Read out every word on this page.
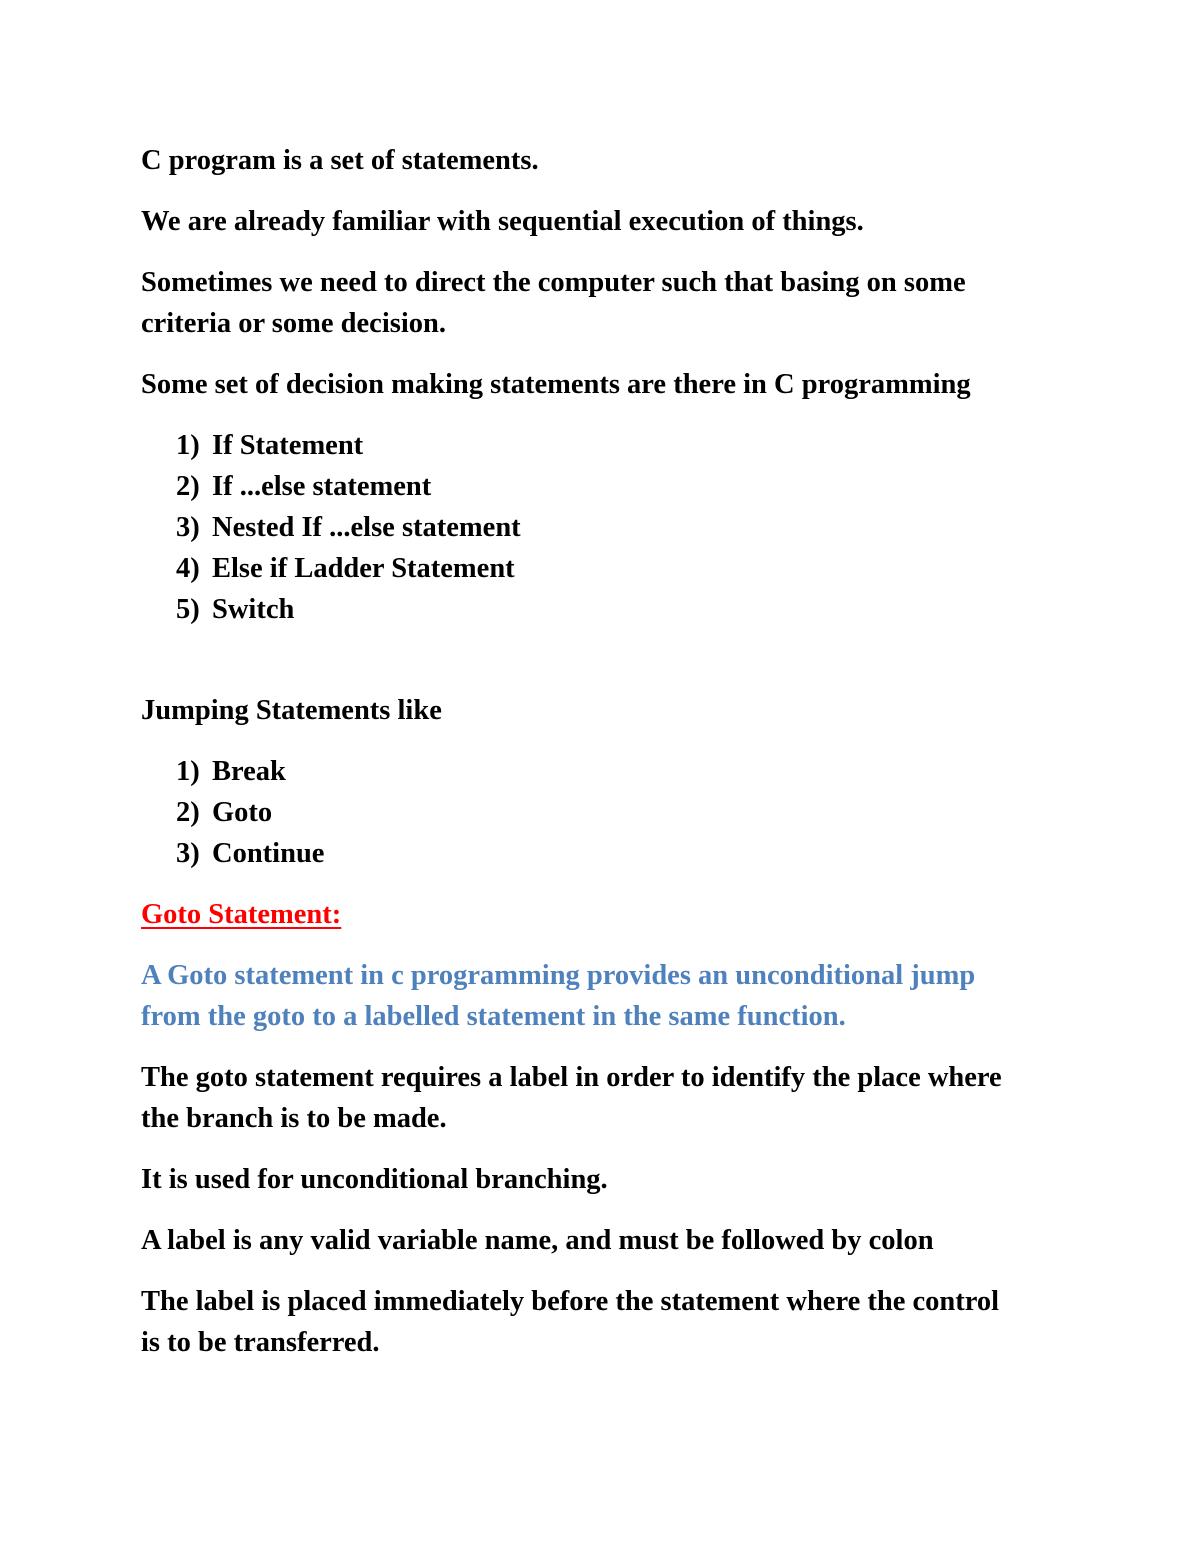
C program is a set of statements.

We are already familiar with sequential execution of things.

Sometimes we need to direct the computer such that basing on some criteria or some decision.

Some set of decision making statements are there in C programming

1) If Statement
2) If ...else statement
3) Nested If ...else statement
4) Else if Ladder Statement
5) Switch

Jumping Statements like

1) Break
2) Goto
3) Continue

Goto Statement:

A Goto statement in c programming provides an unconditional jump from the goto to a labelled statement in the same function.

The goto statement requires a label in order to identify the place where the branch is to be made.

It is used for unconditional branching.

A label is any valid variable name, and must be followed by colon

The label is placed immediately before the statement where the control is to be transferred.
